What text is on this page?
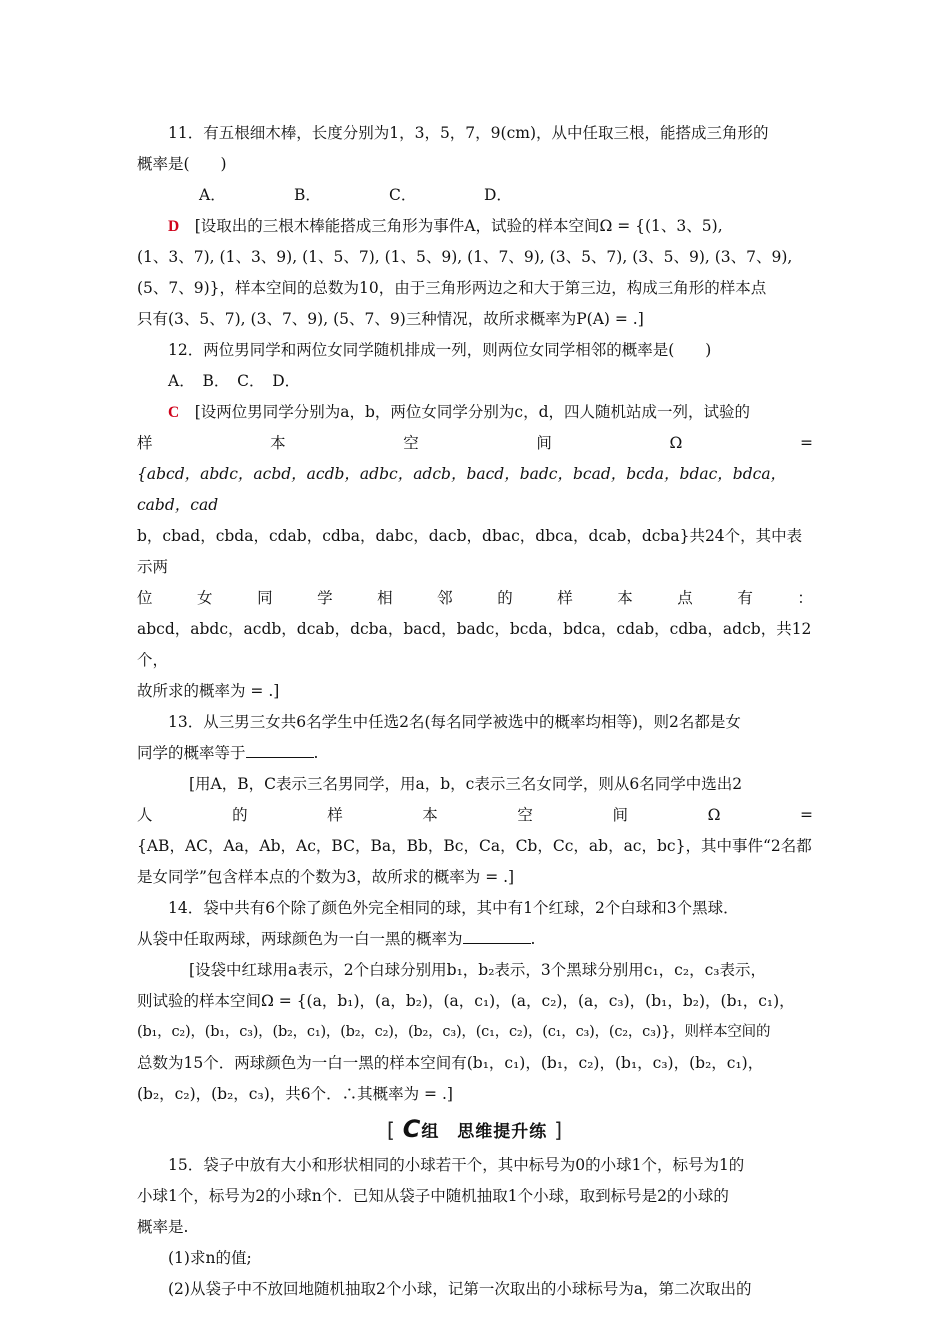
11．有五根细木棒，长度分别为1，3，5，7，9(cm)，从中任取三根，能搭成三角形的

概率是(　　)

A．	B．	C．	D．

D　 [设取出的三根木棒能搭成三角形为事件A，试验的样本空间Ω = {(1、3、5),

(1、3、7), (1、3、9), (1、5、7), (1、5、9), (1、7、9), (3、5、7), (3、5、9), (3、7、9),

(5、7、9)}，样本空间的总数为10，由于三角形两边之和大于第三边，构成三角形的样本点

只有(3、5、7), (3、7、9), (5、7、9)三种情况，故所求概率为P(A) = .]

12．两位男同学和两位女同学随机排成一列，则两位女同学相邻的概率是(　　)

A．　B．　C．　D．

C　 [设两位男同学分别为a，b，两位女同学分别为c，d，四人随机站成一列，试验的

样	本	空	间	Ω	=

{abcd，abdc，acbd，acdb，adbc，adcb，bacd，badc，bcad，bcda，bdac，bdca，cabd，cad

b，cbad，cbda，cdab，cdba，dabc，dacb，dbac，dbca，dcab，dcba}共24个，其中表示两

位	女	同	学	相	邻	的	样	本	点	有	：

abcd，abdc，acdb，dcab，dcba，bacd，badc，bcda，bdca，cdab，cdba，adcb，共12个，

故所求的概率为 = .]

13．从三男三女共6名学生中任选2名(每名同学被选中的概率均相等)，则2名都是女

同学的概率等于	.

[用A，B，C表示三名男同学，用a，b，c表示三名女同学，则从6名同学中选出2

人	的	样	本	空	间	Ω	=

{AB，AC，Aa，Ab，Ac，BC，Ba，Bb，Bc，Ca，Cb，Cc，ab，ac，bc}，其中事件“2名都

是女同学”包含样本点的个数为3，故所求的概率为 = .]

14．袋中共有6个除了颜色外完全相同的球，其中有1个红球，2个白球和3个黑球．

从袋中任取两球，两球颜色为一白一黑的概率为	.

[设袋中红球用a表示，2个白球分别用b₁，b₂表示，3个黑球分别用c₁，c₂，c₃表示，

则试验的样本空间Ω = {(a，b₁)，(a，b₂)，(a，c₁)，(a，c₂)，(a，c₃)，(b₁，b₂)，(b₁，c₁)，

(b₁，c₂)，(b₁，c₃)，(b₂，c₁)，(b₂，c₂)，(b₂，c₃)，(c₁，c₂)，(c₁，c₃)，(c₂，c₃)}，则样本空间的

总数为15个．两球颜色为一白一黑的样本空间有(b₁，c₁)，(b₁，c₂)，(b₁，c₃)，(b₂，c₁)，

(b₂，c₂)，(b₂，c₃)，共6个．∴其概率为 = .]

[ C组　思维提升练 ]

15．袋子中放有大小和形状相同的小球若干个，其中标号为0的小球1个，标号为1的

小球1个，标号为2的小球n个．已知从袋子中随机抽取1个小球，取到标号是2的小球的

概率是.

(1)求n的值;

(2)从袋子中不放回地随机抽取2个小球，记第一次取出的小球标号为a，第二次取出的
